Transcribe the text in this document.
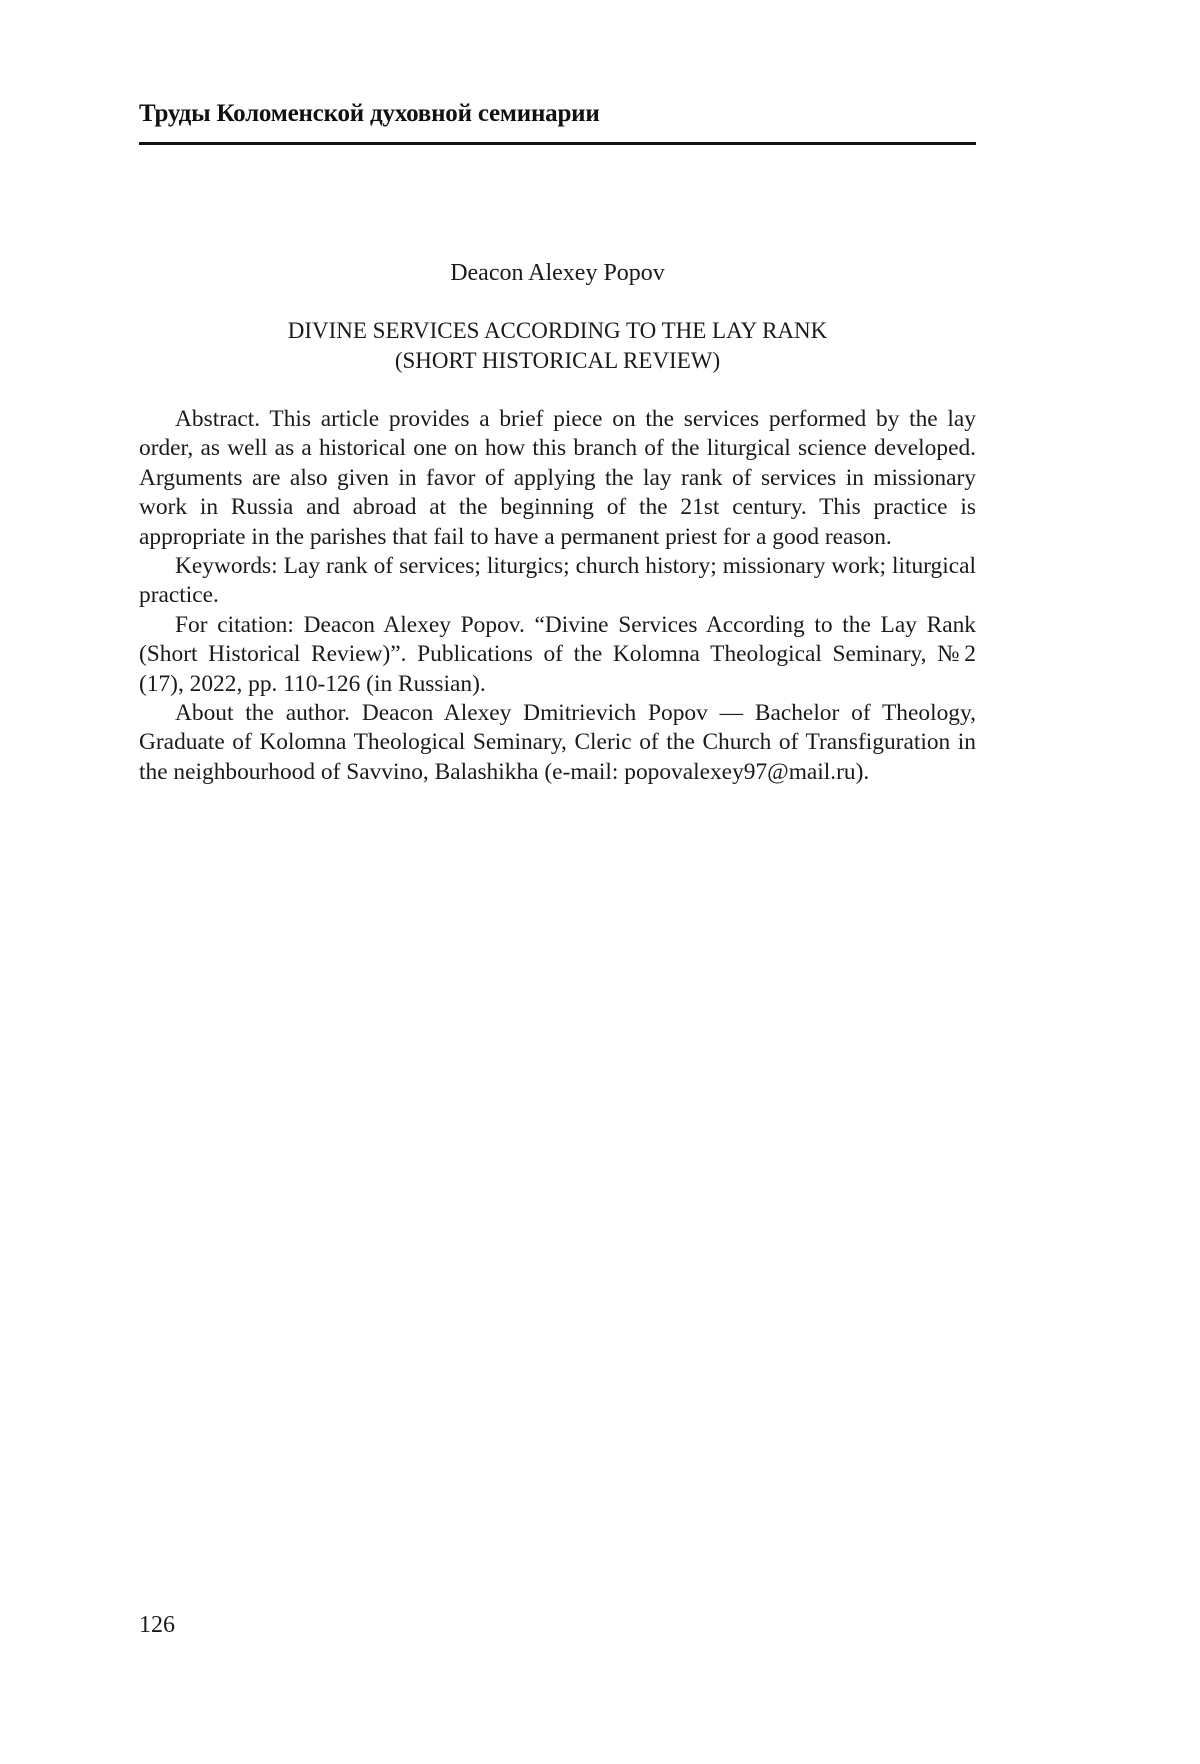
Труды Коломенской духовной семинарии
Deacon Alexey Popov
DIVINE SERVICES ACCORDING TO THE LAY RANK
(SHORT HISTORICAL REVIEW)

Abstract. This article provides a brief piece on the services performed by the lay order, as well as a historical one on how this branch of the liturgical science developed. Arguments are also given in favor of applying the lay rank of services in missionary work in Russia and abroad at the beginning of the 21st century. This practice is appropriate in the parishes that fail to have a permanent priest for a good reason.

Keywords: Lay rank of services; liturgics; church history; missionary work; liturgical practice.

For citation: Deacon Alexey Popov. “Divine Services According to the Lay Rank (Short Historical Review)”. Publications of the Kolomna Theological Seminary, №2 (17), 2022, pp. 110-126 (in Russian).

About the author. Deacon Alexey Dmitrievich Popov — Bachelor of Theology, Graduate of Kolomna Theological Seminary, Cleric of the Church of Transfiguration in the neighbourhood of Savvino, Balashikha (e-mail: popovalexey97@mail.ru).

126
